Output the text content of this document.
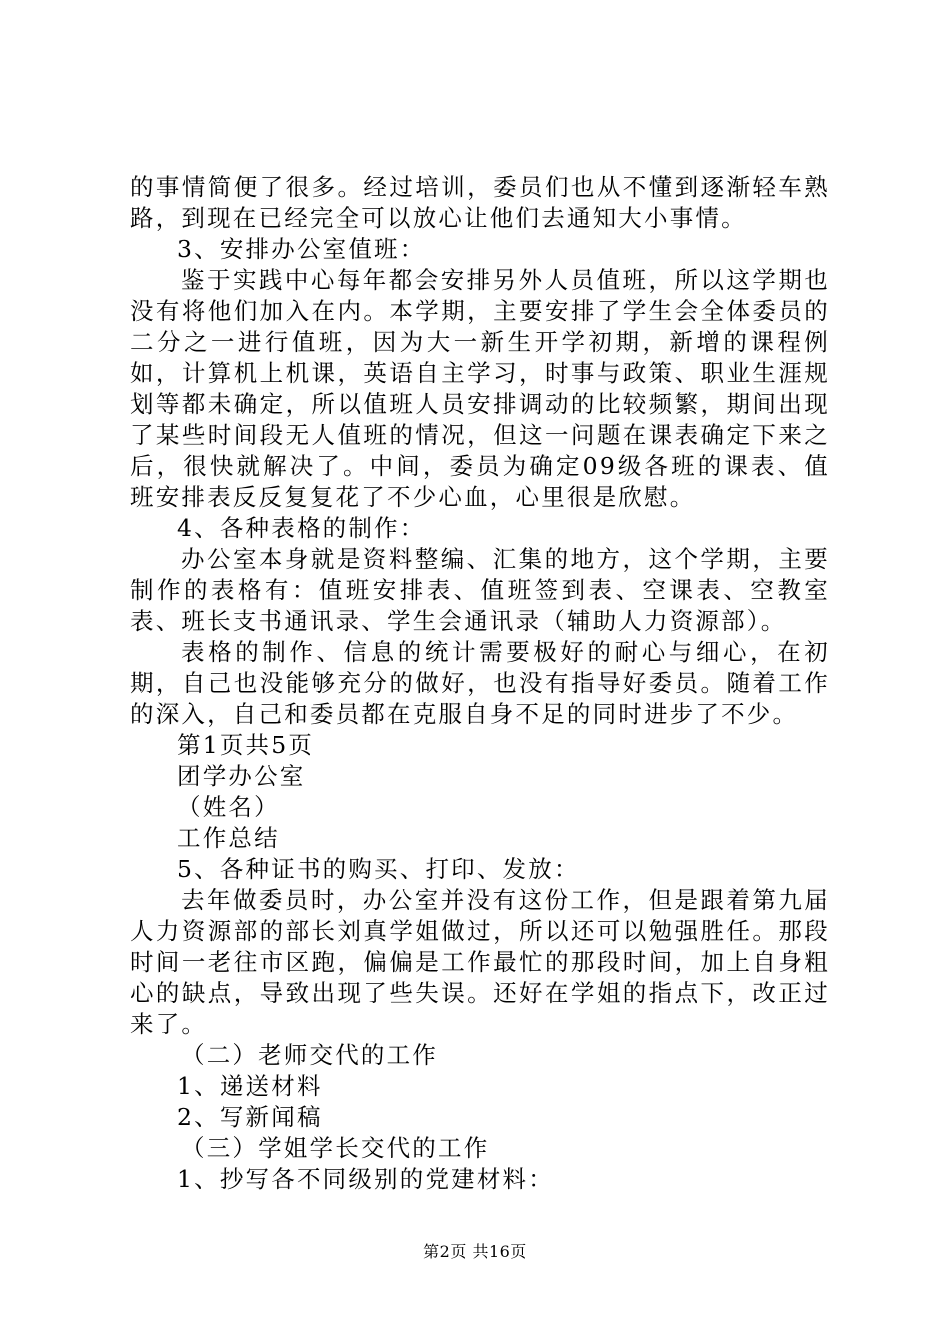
的事情简便了很多。经过培训，委员们也从不懂到逐渐轻车熟路，到现在已经完全可以放心让他们去通知大小事情。

3、安排办公室值班：

鉴于实践中心每年都会安排另外人员值班，所以这学期也没有将他们加入在内。本学期，主要安排了学生会全体委员的二分之一进行值班，因为大一新生开学初期，新增的课程例如，计算机上机课，英语自主学习，时事与政策、职业生涯规划等都未确定，所以值班人员安排调动的比较频繁，期间出现了某些时间段无人值班的情况，但这一问题在课表确定下来之后，很快就解决了。中间，委员为确定09级各班的课表、值班安排表反反复复花了不少心血，心里很是欣慰。

4、各种表格的制作：

办公室本身就是资料整编、汇集的地方，这个学期，主要制作的表格有：值班安排表、值班签到表、空课表、空教室表、班长支书通讯录、学生会通讯录（辅助人力资源部）。

表格的制作、信息的统计需要极好的耐心与细心，在初期，自己也没能够充分的做好，也没有指导好委员。随着工作的深入，自己和委员都在克服自身不足的同时进步了不少。

第1页共5页

团学办公室

（姓名）

工作总结

5、各种证书的购买、打印、发放：

去年做委员时，办公室并没有这份工作，但是跟着第九届人力资源部的部长刘真学姐做过，所以还可以勉强胜任。那段时间一老往市区跑，偏偏是工作最忙的那段时间，加上自身粗心的缺点，导致出现了些失误。还好在学姐的指点下，改正过来了。

（二）老师交代的工作

1、递送材料

2、写新闻稿

（三）学姐学长交代的工作

1、抄写各不同级别的党建材料：

第2页 共16页
